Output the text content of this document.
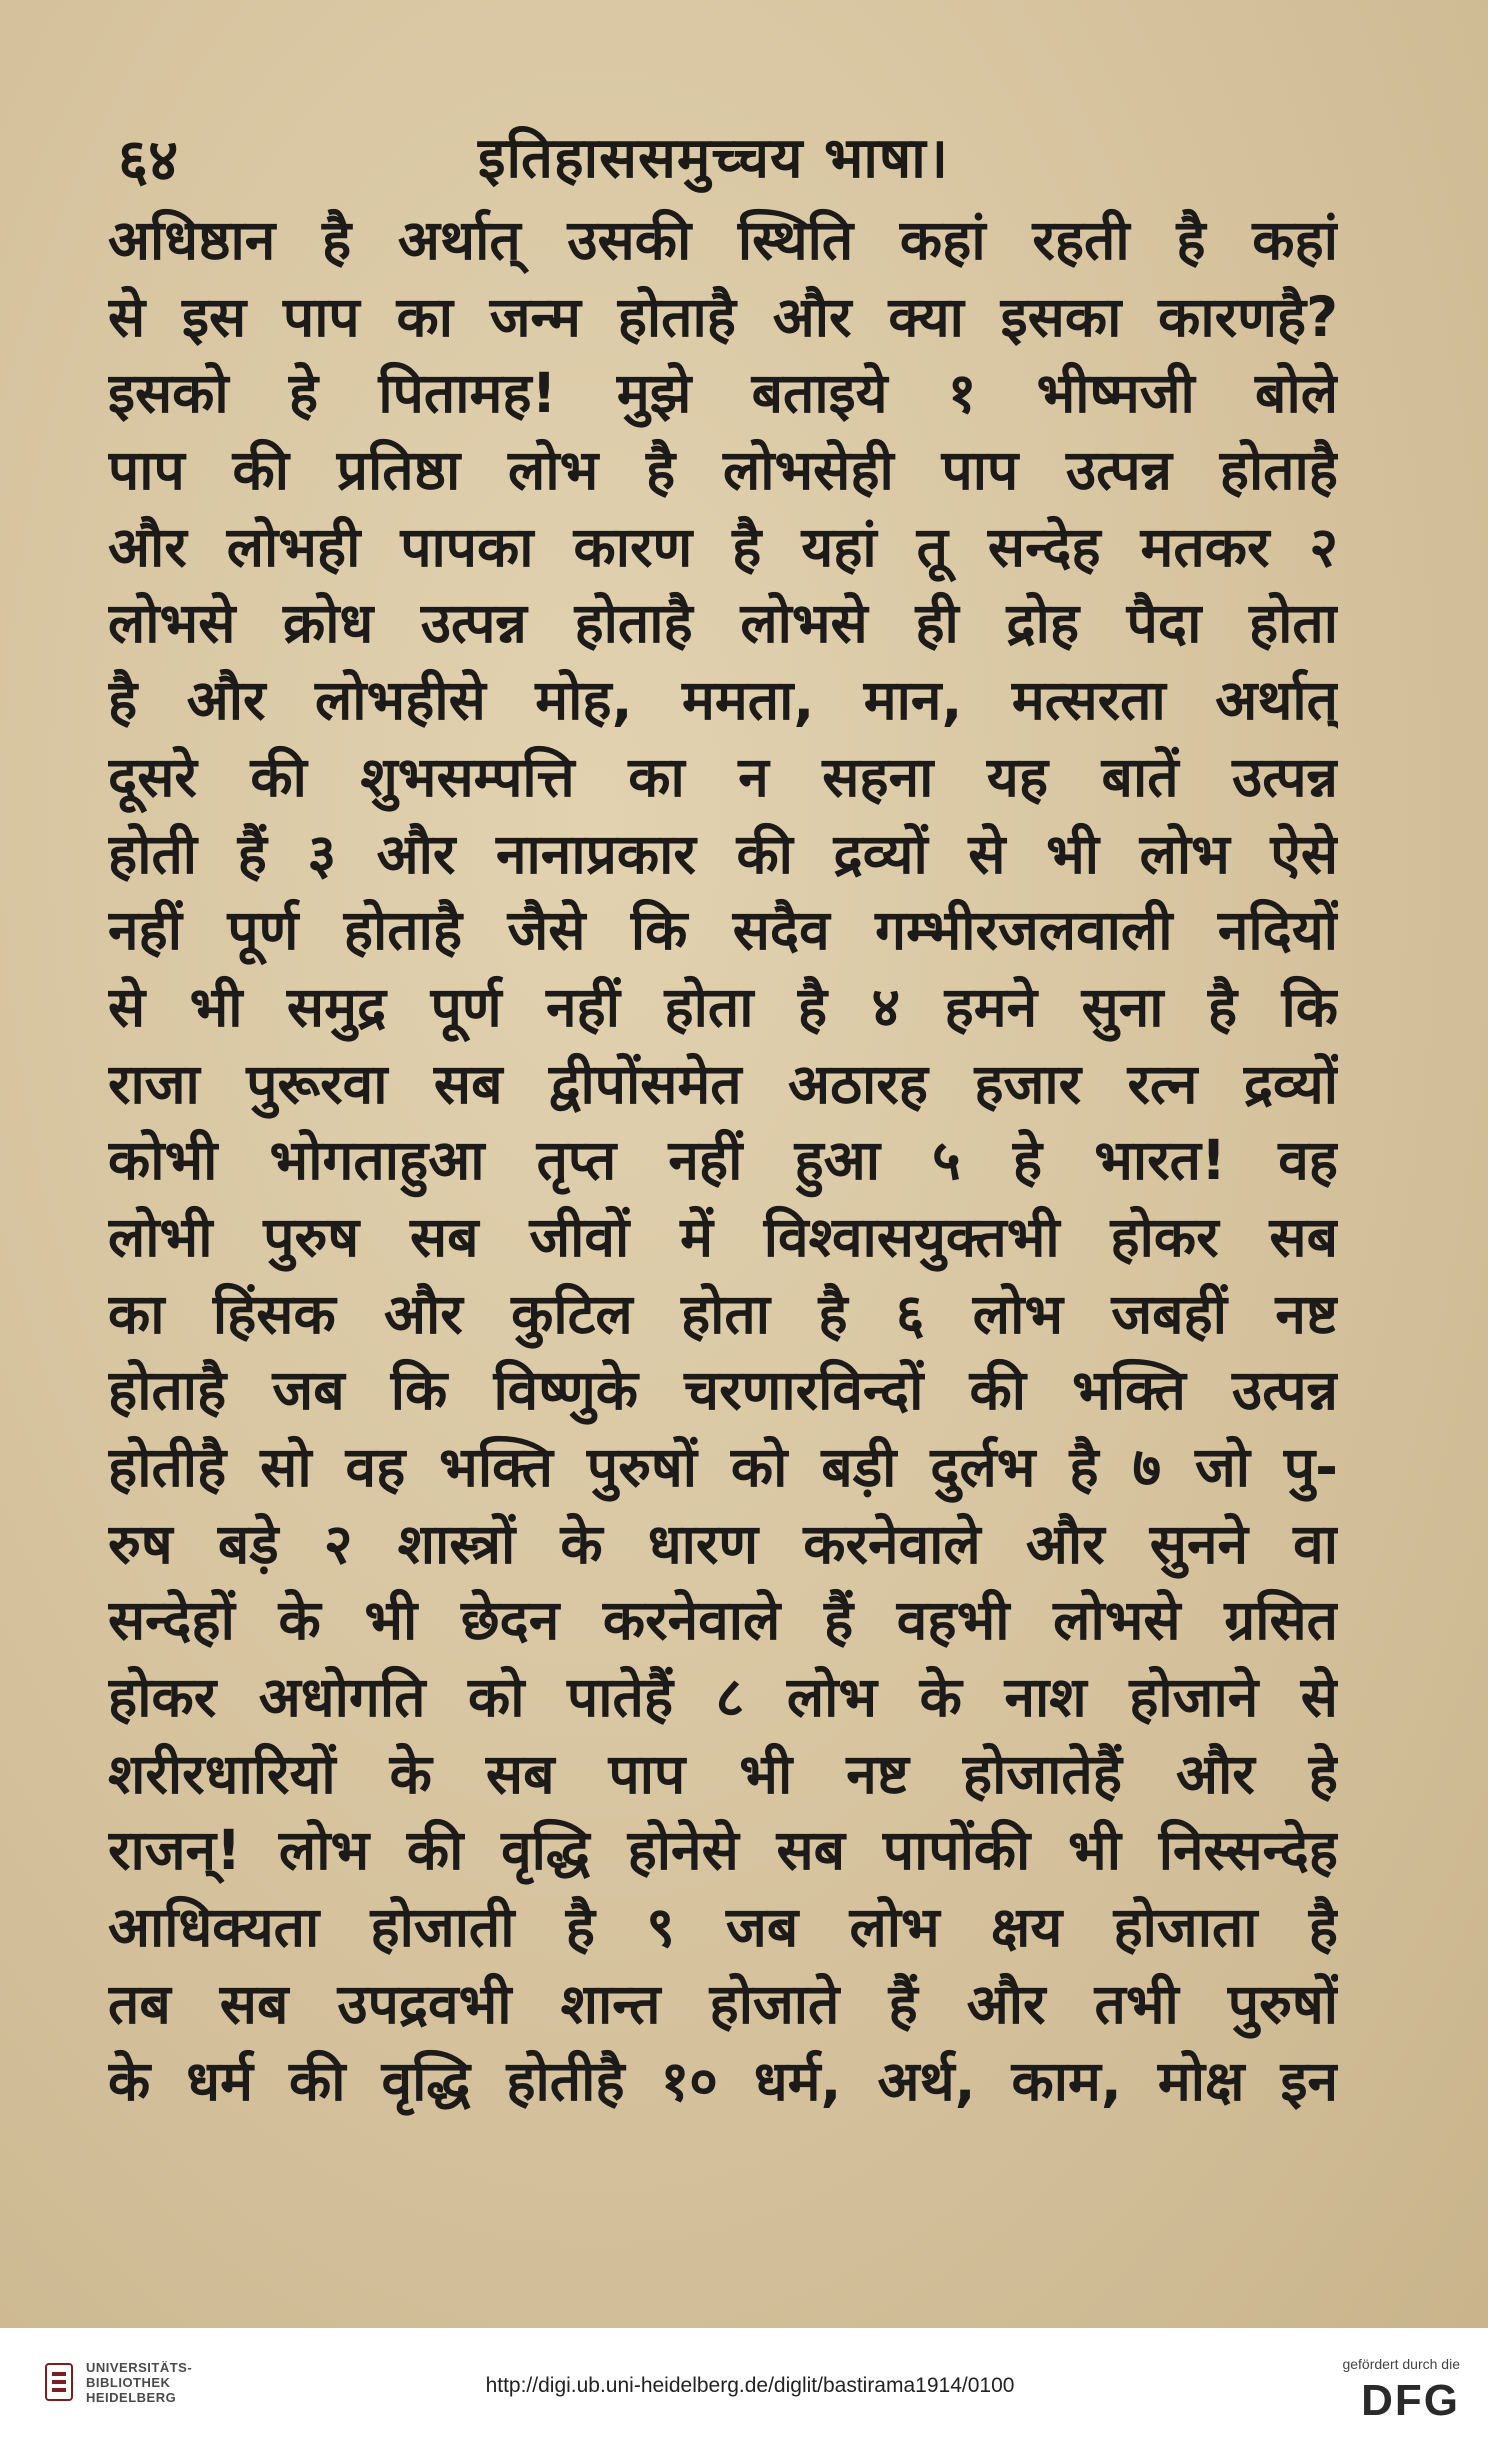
६४	इतिहाससमुच्चय भाषा।
अधिष्ठान है अर्थात् उसकी स्थिति कहां रहती है कहां
से इस पाप का जन्म होताहै और क्या इसका कारणहै?
इसको हे पितामह! मुझे बताइये १ भीष्मजी बोले
पाप की प्रतिष्ठा लोभ है लोभसेही पाप उत्पन्न होताहै
और लोभही पापका कारण है यहां तू सन्देह मतकर २
लोभसे क्रोध उत्पन्न होताहै लोभसे ही द्रोह पैदा होता
है और लोभहीसे मोह, ममता, मान, मत्सरता अर्थात्
दूसरे की शुभसम्पत्ति का न सहना यह बातें उत्पन्न
होती हैं ३ और नानाप्रकार की द्रव्यों से भी लोभ ऐसे
नहीं पूर्ण होताहै जैसे कि सदैव गम्भीरजलवाली नदियों
से भी समुद्र पूर्ण नहीं होता है ४ हमने सुना है कि
राजा पुरूरवा सब द्वीपोंसमेत अठारह हजार रत्न द्रव्यों
कोभी भोगताहुआ तृप्त नहीं हुआ ५ हे भारत! वह
लोभी पुरुष सब जीवों में विश्वासयुक्तभी होकर सब
का हिंसक और कुटिल होता है ६ लोभ जबहीं नष्ट
होताहै जब कि विष्णुके चरणारविन्दों की भक्ति उत्पन्न
होतीहै सो वह भक्ति पुरुषों को बड़ी दुर्लभ है ७ जो पु-
रुष बड़े २ शास्त्रों के धारण करनेवाले और सुनने वा
सन्देहों के भी छेदन करनेवाले हैं वहभी लोभसे ग्रसित
होकर अधोगति को पातेहैं ८ लोभ के नाश होजाने से
शरीरधारियों के सब पाप भी नष्ट होजातेहैं और हे
राजन्! लोभ की वृद्धि होनेसे सब पापोंकी भी निस्सन्देह
आधिक्यता होजाती है ९ जब लोभ क्षय होजाता है
तब सब उपद्रवभी शान्त होजाते हैं और तभी पुरुषों
के धर्म की वृद्धि होतीहै १० धर्म, अर्थ, काम, मोक्ष इन
UNIVERSITÄTS-
BIBLIOTHEK
HEIDELBERG
http://digi.ub.uni-heidelberg.de/diglit/bastirama1914/0100
gefördert durch die
DFG
